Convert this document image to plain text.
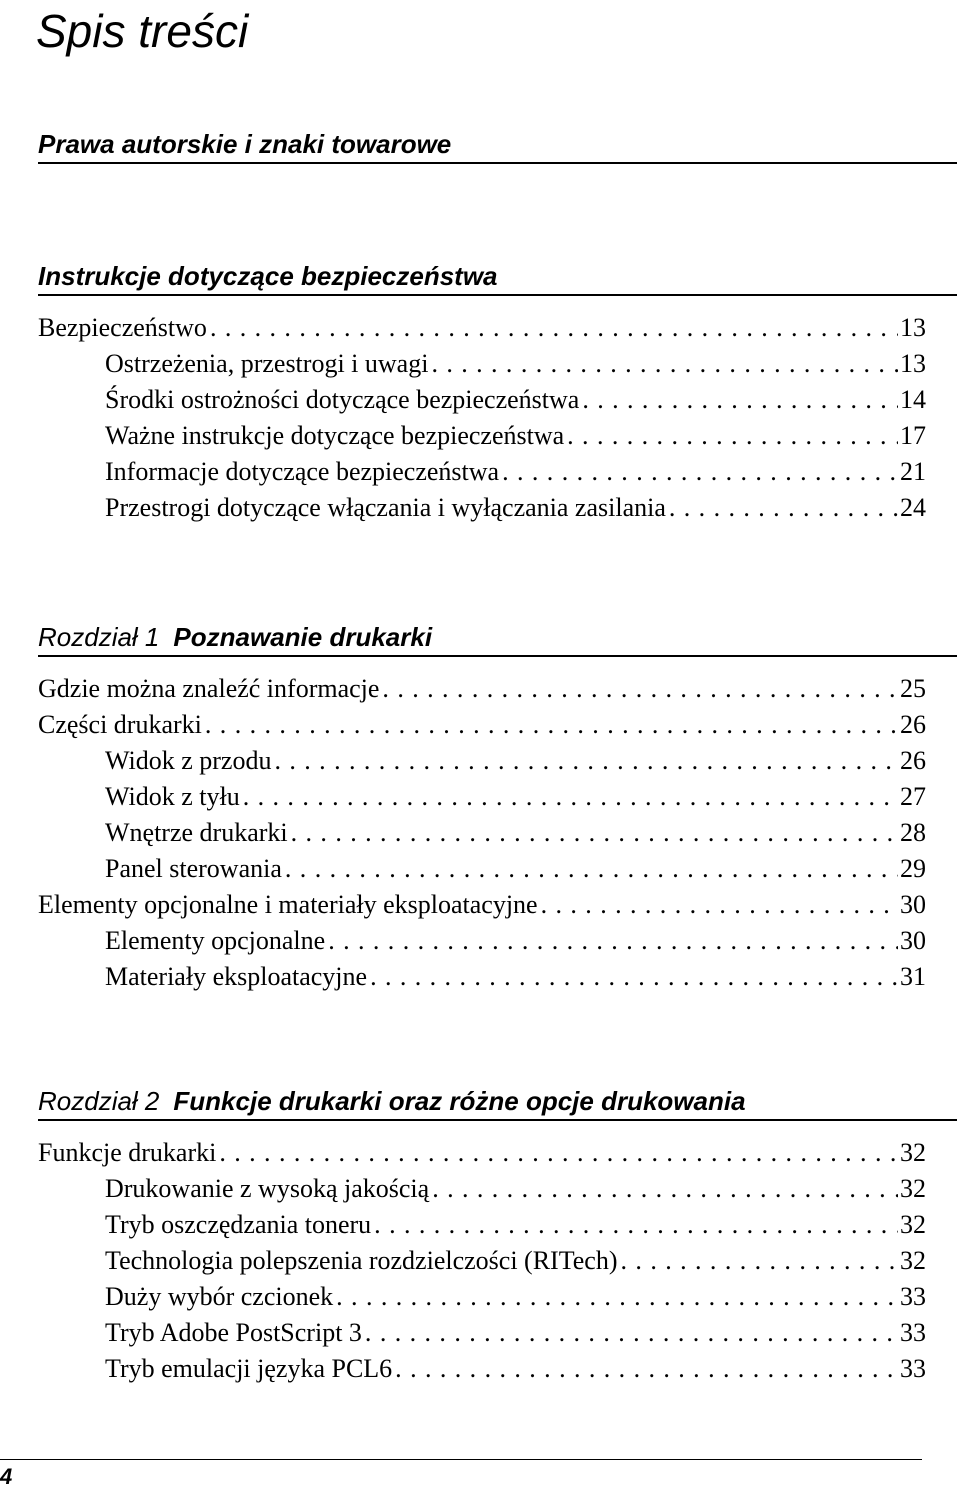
Spis treści
Prawa autorskie i znaki towarowe
Instrukcje dotyczące bezpieczeństwa
Bezpieczeństwo . . .	13
Ostrzeżenia, przestrogi i uwagi . . .	13
Środki ostrożności dotyczące bezpieczeństwa . . .	14
Ważne instrukcje dotyczące bezpieczeństwa . . .	17
Informacje dotyczące bezpieczeństwa . . .	21
Przestrogi dotyczące włączania i wyłączania zasilania . . .	24
Rozdział 1 Poznawanie drukarki
Gdzie można znaleźć informacje . . .	25
Części drukarki . . .	26
Widok z przodu . . .	26
Widok z tyłu . . .	27
Wnętrze drukarki . . .	28
Panel sterowania . . .	29
Elementy opcjonalne i materiały eksploatacyjne . . .	30
Elementy opcjonalne . . .	30
Materiały eksploatacyjne . . .	31
Rozdział 2 Funkcje drukarki oraz różne opcje drukowania
Funkcje drukarki . . .	32
Drukowanie z wysoką jakością . . .	32
Tryb oszczędzania toneru . . .	32
Technologia polepszenia rozdzielczości (RITech) . . .	32
Duży wybór czcionek . . .	33
Tryb Adobe PostScript 3 . . .	33
Tryb emulacji języka PCL6 . . .	33
4
